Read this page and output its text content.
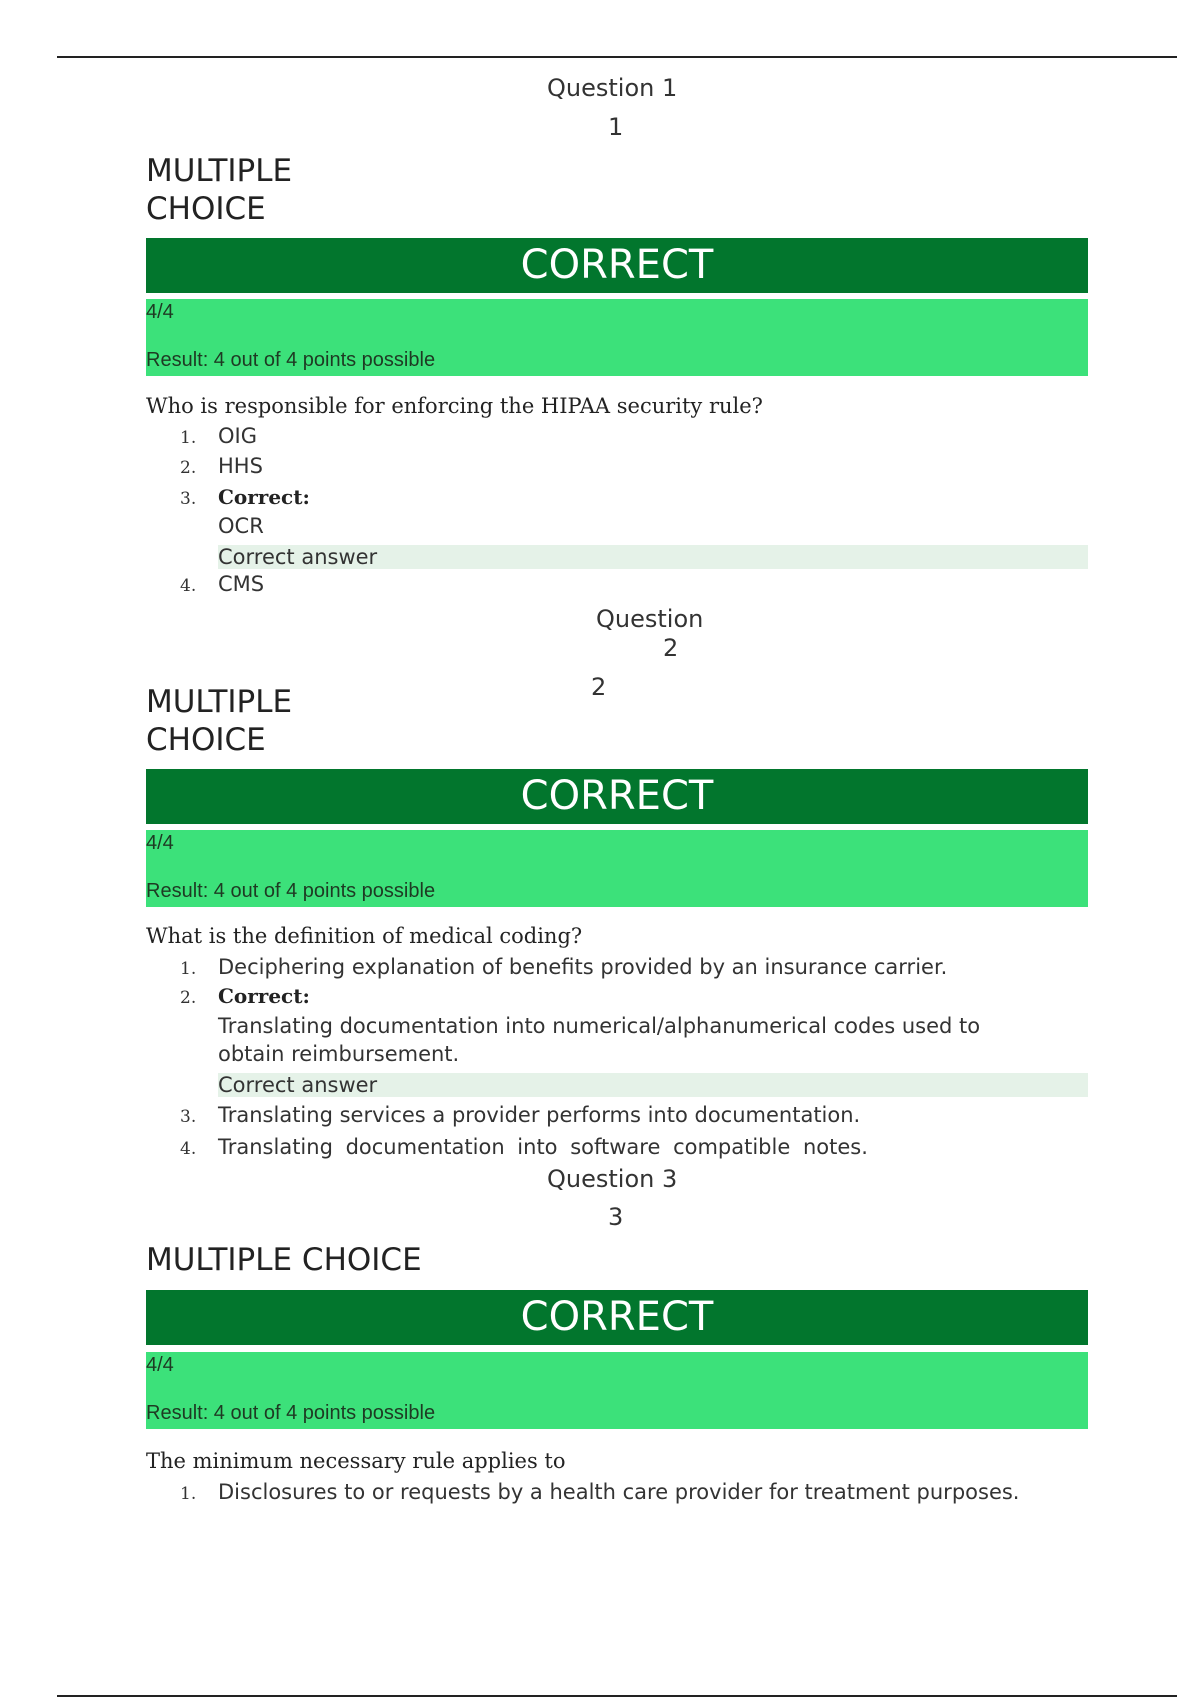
Question 1
1
MULTIPLE CHOICE
CORRECT
4/4
Result: 4 out of 4 points possible
Who is responsible for enforcing the HIPAA security rule?
1. OIG
2. HHS
3. Correct:
OCR
Correct answer
4. CMS
Question
2
2
MULTIPLE CHOICE
CORRECT
4/4
Result: 4 out of 4 points possible
What is the definition of medical coding?
1. Deciphering explanation of benefits provided by an insurance carrier.
2. Correct:
Translating documentation into numerical/alphanumerical codes used to obtain reimbursement.
Correct answer
3. Translating services a provider performs into documentation.
4. Translating documentation into software compatible notes.
Question 3
3
MULTIPLE CHOICE
CORRECT
4/4
Result: 4 out of 4 points possible
The minimum necessary rule applies to
1. Disclosures to or requests by a health care provider for treatment purposes.
